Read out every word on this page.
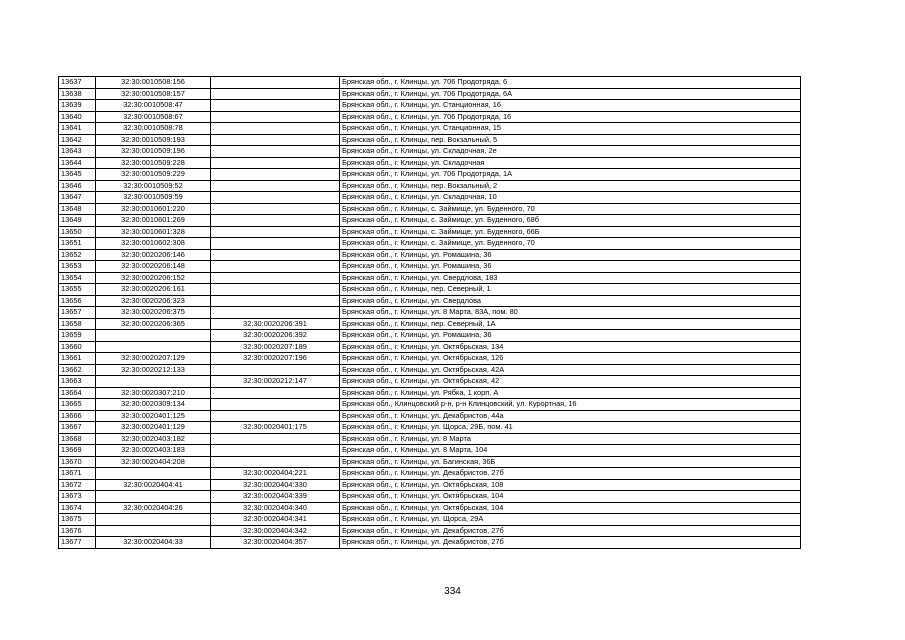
13637	32:30:0010508:156		Брянская обл., г. Клинцы, ул. 706 Продотряда, 6
13638	32:30:0010508:157		Брянская обл., г. Клинцы, ул. 706 Продотряда, 6А
13639	32:30:0010508:47		Брянская обл., г. Клинцы, ул. Станционная, 16
13640	32:30:0010508:67		Брянская обл., г. Клинцы, ул. 706 Продотряда, 16
13641	32:30:0010508:78		Брянская обл., г. Клинцы, ул. Станционная, 15
13642	32:30:0010509:193		Брянская обл., г. Клинцы, пер. Вокзальный, 5
13643	32:30:0010509:196		Брянская обл., г. Клинцы, ул. Складочная, 2е
13644	32:30:0010509:228		Брянская обл., г. Клинцы, ул. Складочная
13645	32:30:0010509:229		Брянская обл., г. Клинцы, ул. 706 Продотряда, 1А
13646	32:30:0010509:52		Брянская обл., г. Клинцы, пер. Вокзальный, 2
13647	32:30:0010509:59		Брянская обл., г. Клинцы, ул. Складочная, 10
13648	32:30:0010601:220		Брянская обл., г. Клинцы, с. Займище, ул. Буденного, 70
13649	32:30:0010601:269		Брянская обл., г. Клинцы, с. Займище, ул. Буденного, 68б
13650	32:30:0010601:328		Брянская обл., г. Клинцы, с. Займище, ул. Буденного, 66Б
13651	32:30:0010602:308		Брянская обл., г. Клинцы, с. Займище, ул. Буденного, 70
13652	32:30:0020206:146		Брянская обл., г. Клинцы, ул. Ромашина, 36
13653	32:30:0020206:148		Брянская обл., г. Клинцы, ул. Ромашина, 36
13654	32:30:0020206:152		Брянская обл., г. Клинцы, ул. Свердлова, 183
13655	32:30:0020206:161		Брянская обл., г. Клинцы, пер. Северный, 1
13656	32:30:0020206:323		Брянская обл., г. Клинцы, ул. Свердлова
13657	32:30:0020206:375		Брянская обл., г. Клинцы, ул. 8 Марта, 83А, пом. 80
13658	32:30:0020206:365	32:30:0020206:391	Брянская обл., г. Клинцы, пер. Северный, 1А
13659		32:30:0020206:392	Брянская обл., г. Клинцы, ул. Ромашина, 36
13660		32:30:0020207:189	Брянская обл., г. Клинцы, ул. Октябрьская, 134
13661	32:30:0020207:129	32:30:0020207:196	Брянская обл., г. Клинцы, ул. Октябрьская, 126
13662	32:30:0020212:133		Брянская обл., г. Клинцы, ул. Октябрьская, 42А
13663		32:30:0020212:147	Брянская обл., г. Клинцы, ул. Октябрьская, 42
13664	32:30:0020307:210		Брянская обл., г. Клинцы, ул. Рябка, 1 корп. А
13665	32:30:0020309:134		Брянская обл., Клинцовский р-н, р-н Клинцовский, ул. Курортная, 16
13666	32:30:0020401:125		Брянская обл., г. Клинцы, ул. Декабристов, 44а
13667	32:30:0020401:129	32:30:0020401:175	Брянская обл., г. Клинцы, ул. Щорса, 29Б, пом. 41
13668	32:30:0020403:182		Брянская обл., г. Клинцы, ул. 8 Марта
13669	32:30:0020403:183		Брянская обл., г. Клинцы, ул. 8 Марта, 104
13670	32:30:0020404:208		Брянская обл., г. Клинцы, ул. Багинская, 36Б
13671		32:30:0020404:221	Брянская обл., г. Клинцы, ул. Декабристов, 27б
13672	32:30:0020404:41	32:30:0020404:330	Брянская обл., г. Клинцы, ул. Октябрьская, 108
13673		32:30:0020404:339	Брянская обл., г. Клинцы, ул. Октябрьская, 104
13674	32:30:0020404:26	32:30:0020404:340	Брянская обл., г. Клинцы, ул. Октябрьская, 104
13675		32:30:0020404:341	Брянская обл., г. Клинцы, ул. Щорса, 29А
13676		32:30:0020404:342	Брянская обл., г. Клинцы, ул. Декабристов, 27б
13677	32:30:0020404:33	32:30:0020404:357	Брянская обл., г. Клинцы, ул. Декабристов, 27б
334
